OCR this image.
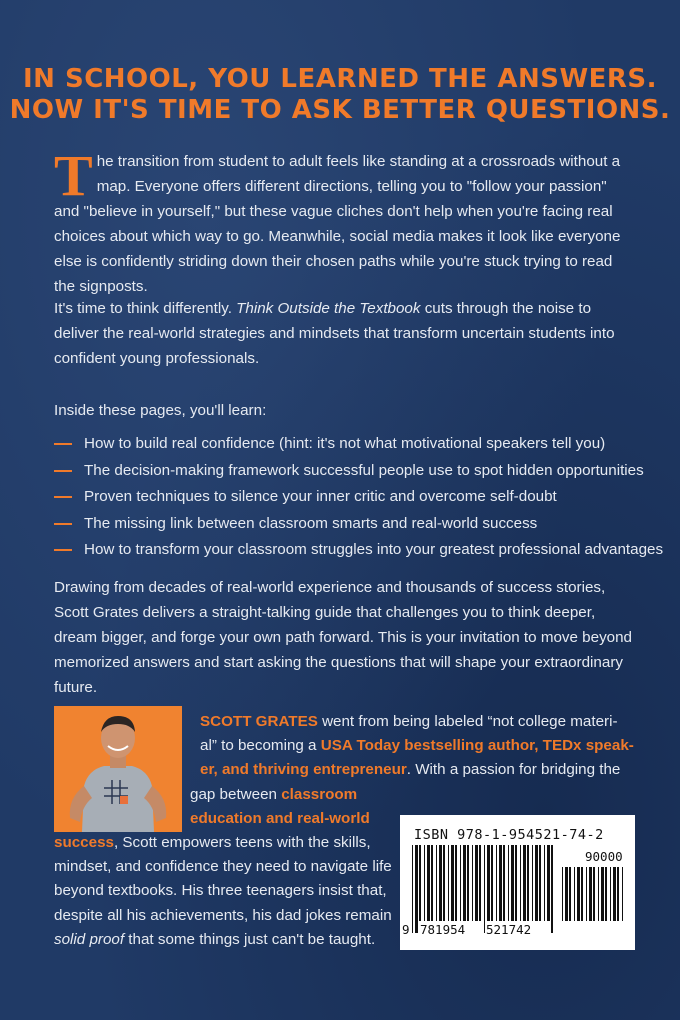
IN SCHOOL, YOU LEARNED THE ANSWERS.
NOW IT'S TIME TO ASK BETTER QUESTIONS.
The transition from student to adult feels like standing at a crossroads without a map. Everyone offers different directions, telling you to "follow your passion" and "believe in yourself," but these vague cliches don't help when you're facing real choices about which way to go. Meanwhile, social media makes it look like everyone else is confidently striding down their chosen paths while you're stuck trying to read the signposts.
It's time to think differently. Think Outside the Textbook cuts through the noise to deliver the real-world strategies and mindsets that transform uncertain students into confident young professionals.
Inside these pages, you'll learn:
How to build real confidence (hint: it's not what motivational speakers tell you)
The decision-making framework successful people use to spot hidden opportunities
Proven techniques to silence your inner critic and overcome self-doubt
The missing link between classroom smarts and real-world success
How to transform your classroom struggles into your greatest professional advantages
Drawing from decades of real-world experience and thousands of success stories, Scott Grates delivers a straight-talking guide that challenges you to think deeper, dream bigger, and forge your own path forward. This is your invitation to move beyond memorized answers and start asking the questions that will shape your extraordinary future.
SCOTT GRATES went from being labeled “not college materi-
al” to becoming a USA Today bestselling author, TEDx speak-
er, and thriving entrepreneur. With a passion for bridging the
gap between classroom
education and real-world
success, Scott empowers teens with the skills,
mindset, and confidence they need to navigate life
beyond textbooks. His three teenagers insist that,
despite all his achievements, his dad jokes remain
solid proof that some things just can't be taught.
ISBN 978-1-954521-74-2
90000
9 781954 521742
